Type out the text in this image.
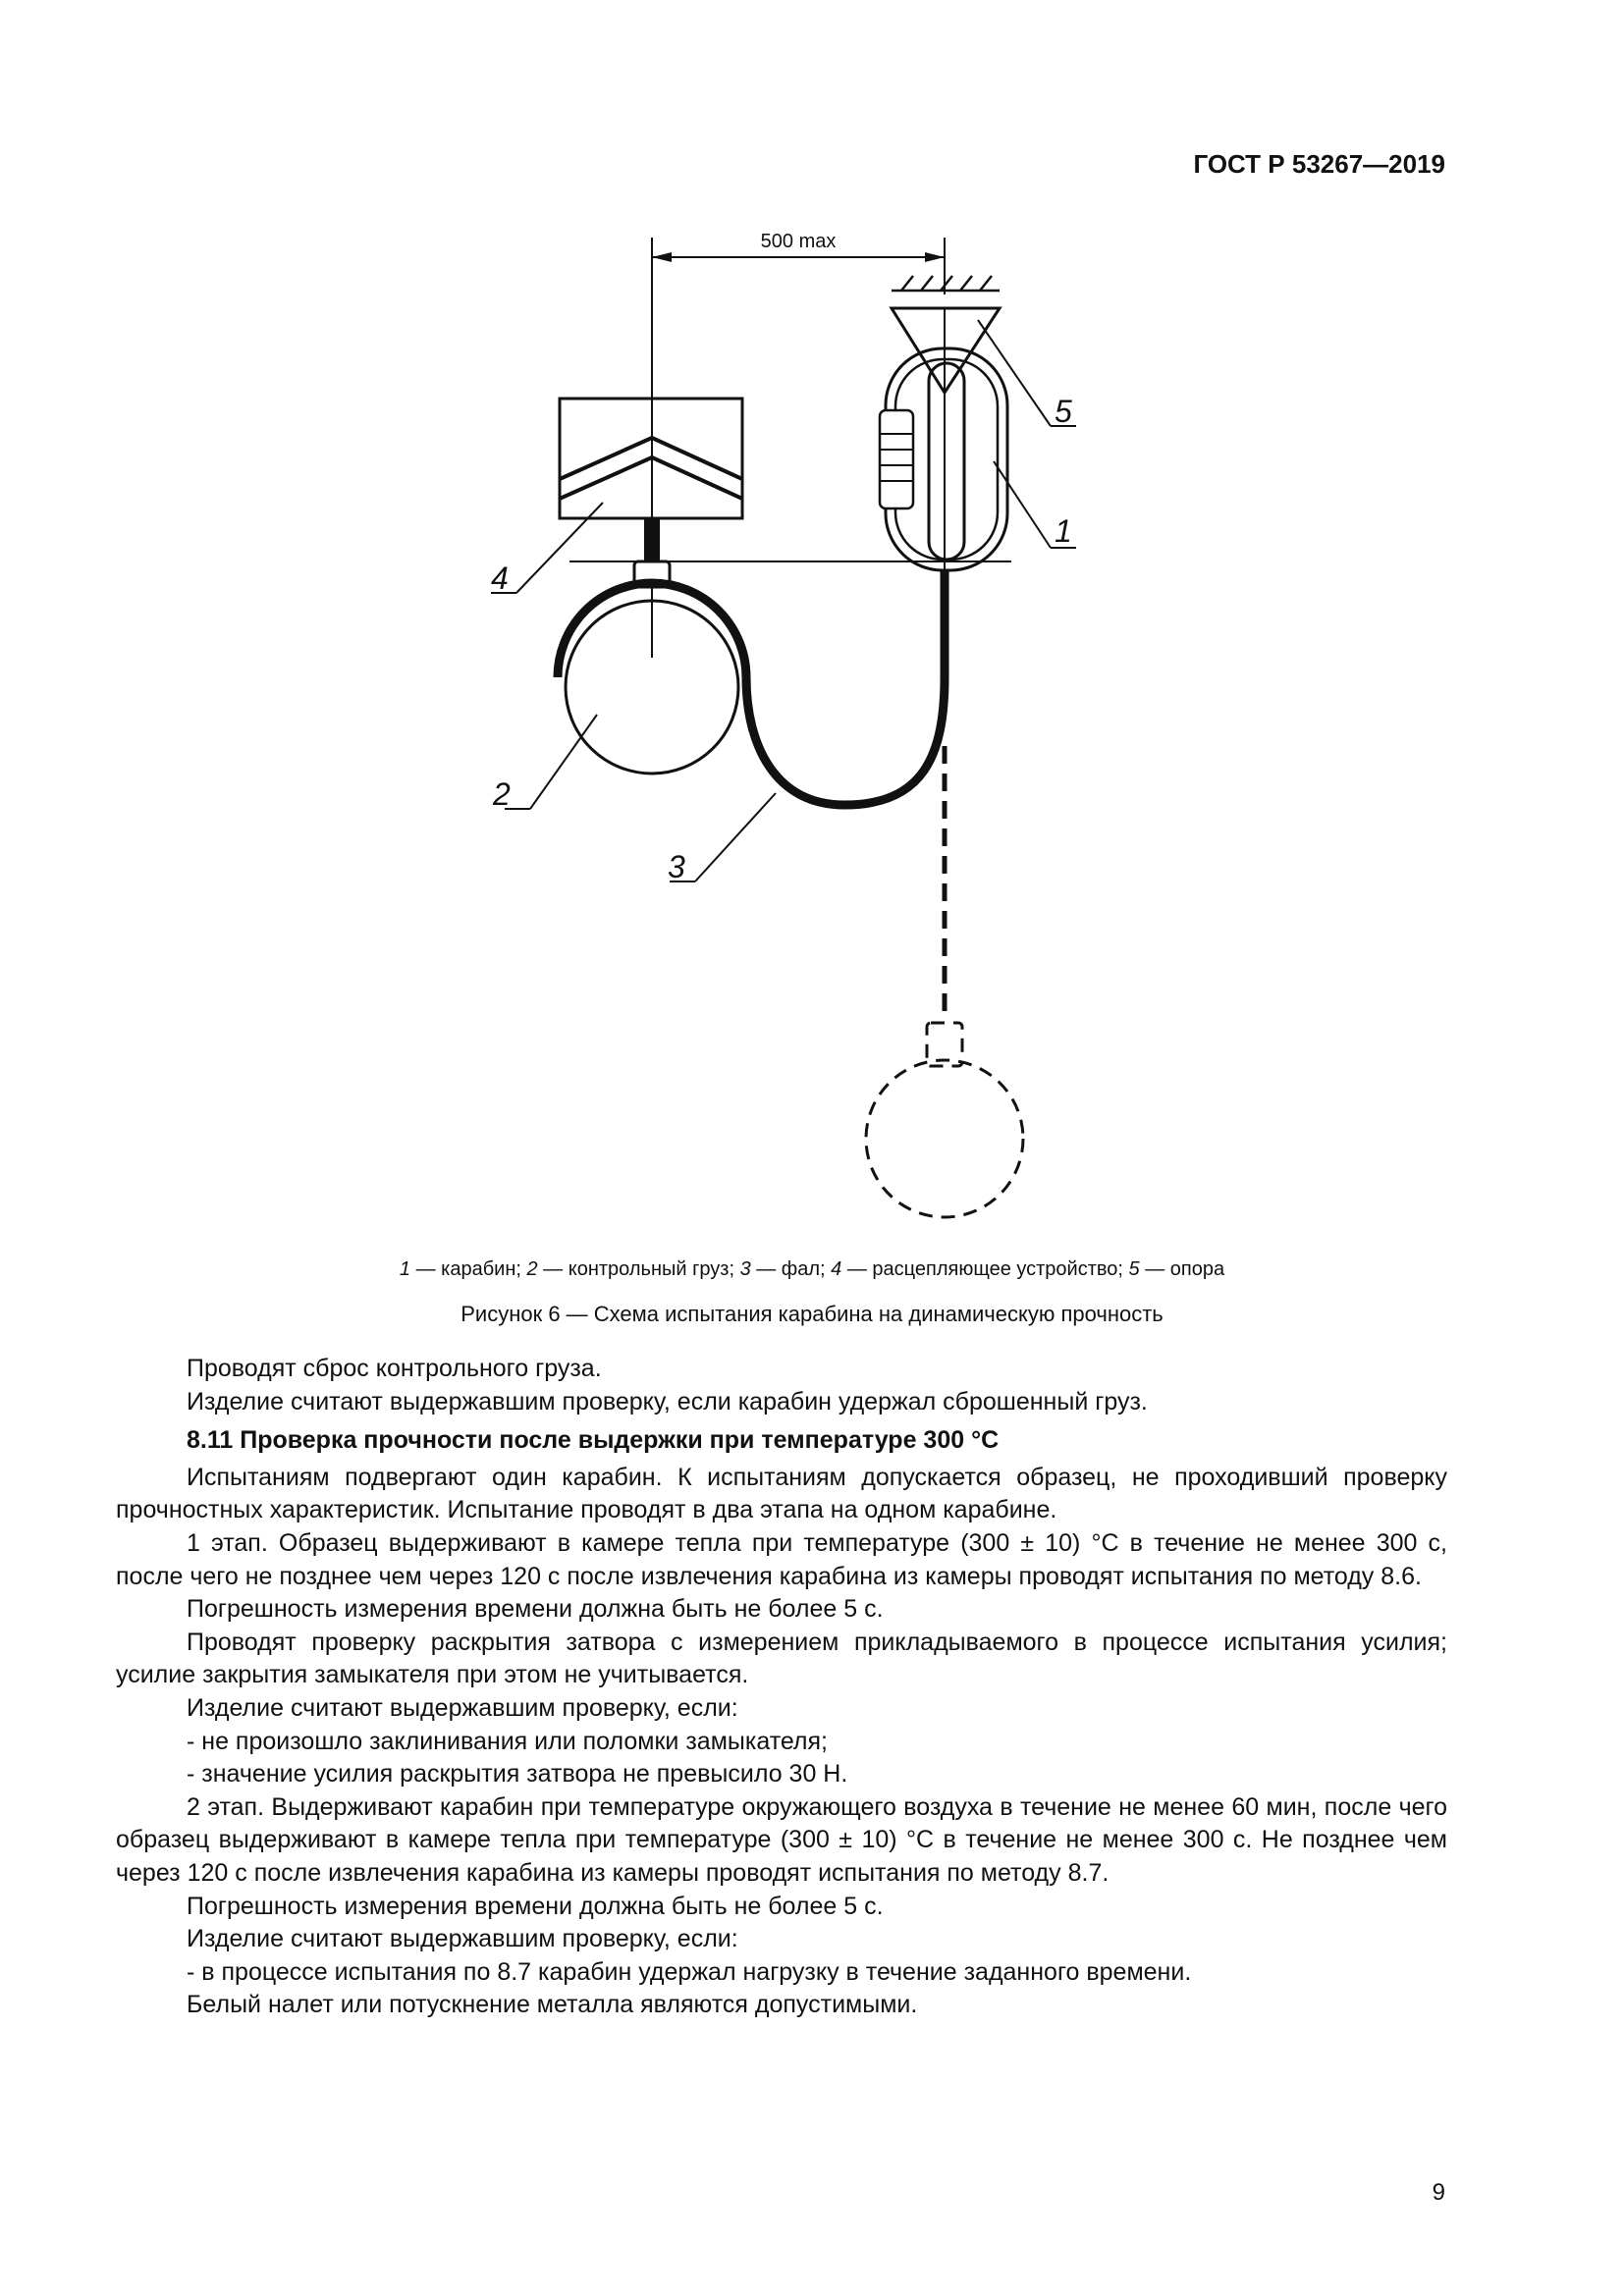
ГОСТ Р 53267—2019
500 max
1
2
3
4
5
1 — карабин; 2 — контрольный груз; 3 — фал; 4 — расцепляющее устройство; 5 — опора
Рисунок 6 — Схема испытания карабина на динамическую прочность

Проводят сброс контрольного груза.

Изделие считают выдержавшим проверку, если карабин удержал сброшенный груз.

8.11 Проверка прочности после выдержки при температуре 300 °С

Испытаниям подвергают один карабин. К испытаниям допускается образец, не проходивший проверку прочностных характеристик. Испытание проводят в два этапа на одном карабине.

1 этап. Образец выдерживают в камере тепла при температуре (300 ± 10) °С в течение не менее 300 с, после чего не позднее чем через 120 с после извлечения карабина из камеры проводят испытания по методу 8.6.

Погрешность измерения времени должна быть не более 5 с.

Проводят проверку раскрытия затвора с измерением прикладываемого в процессе испытания усилия; усилие закрытия замыкателя при этом не учитывается.

Изделие считают выдержавшим проверку, если:

- не произошло заклинивания или поломки замыкателя;

- значение усилия раскрытия затвора не превысило 30 Н.

2 этап. Выдерживают карабин при температуре окружающего воздуха в течение не менее 60 мин, после чего образец выдерживают в камере тепла при температуре (300 ± 10) °С в течение не менее 300 с. Не позднее чем через 120 с после извлечения карабина из камеры проводят испытания по методу 8.7.

Погрешность измерения времени должна быть не более 5 с.

Изделие считают выдержавшим проверку, если:

- в процессе испытания по 8.7 карабин удержал нагрузку в течение заданного времени.

Белый налет или потускнение металла являются допустимыми.

9
